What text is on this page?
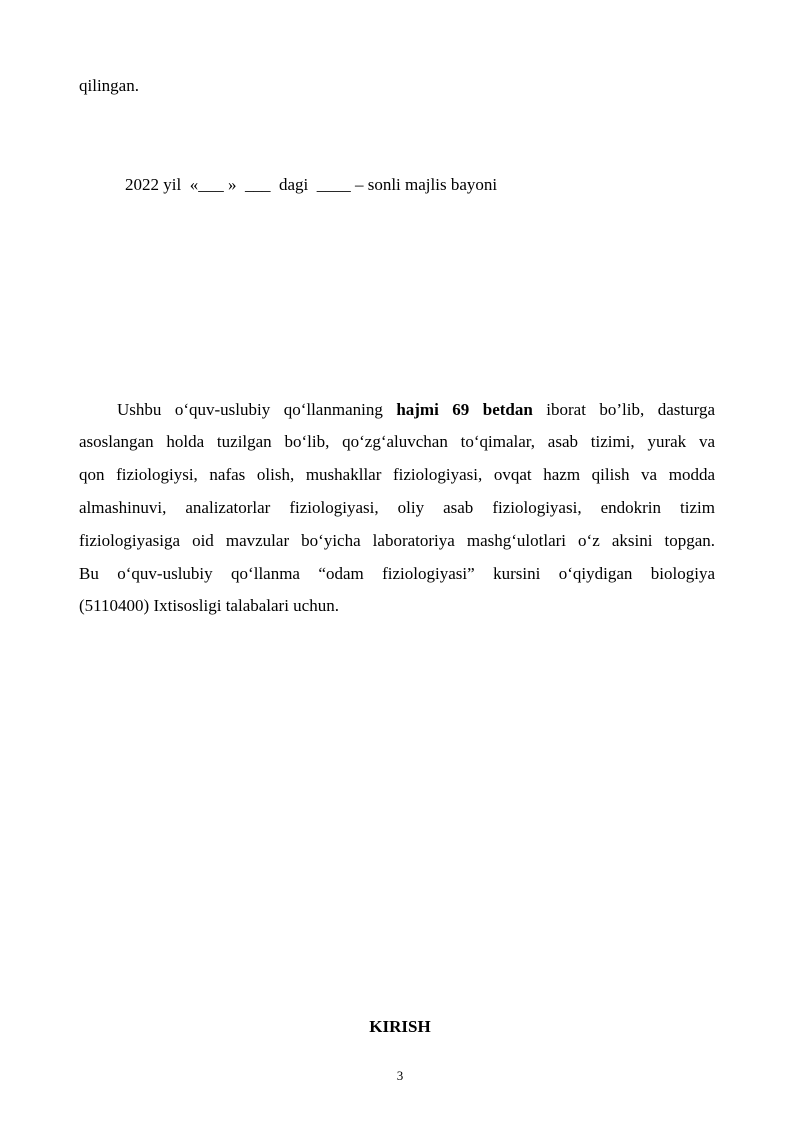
qilingan.
2022 yil  «___ »  ___  dagi  ____ – sonli majlis bayoni
Ushbu o‘quv-uslubiy qo‘llanmaning hajmi 69 betdan iborat bo’lib, dasturga
asoslangan holda tuzilgan bo‘lib, qo‘zg‘aluvchan to‘qimalar, asab tizimi, yurak va
qon fiziologiysi, nafas olish, mushakllar fiziologiyasi, ovqat hazm qilish va modda
almashinuvi, analizatorlar fiziologiyasi, oliy asab fiziologiyasi, endokrin tizim
fiziologiyasiga oid mavzular bo‘yicha laboratoriya mashg‘ulotlari o‘z aksini topgan.
Bu o‘quv-uslubiy qo‘llanma “odam fiziologiyasi” kursini o‘qiydigan biologiya
(5110400) Ixtisosligi talabalari uchun.
KIRISH
3
